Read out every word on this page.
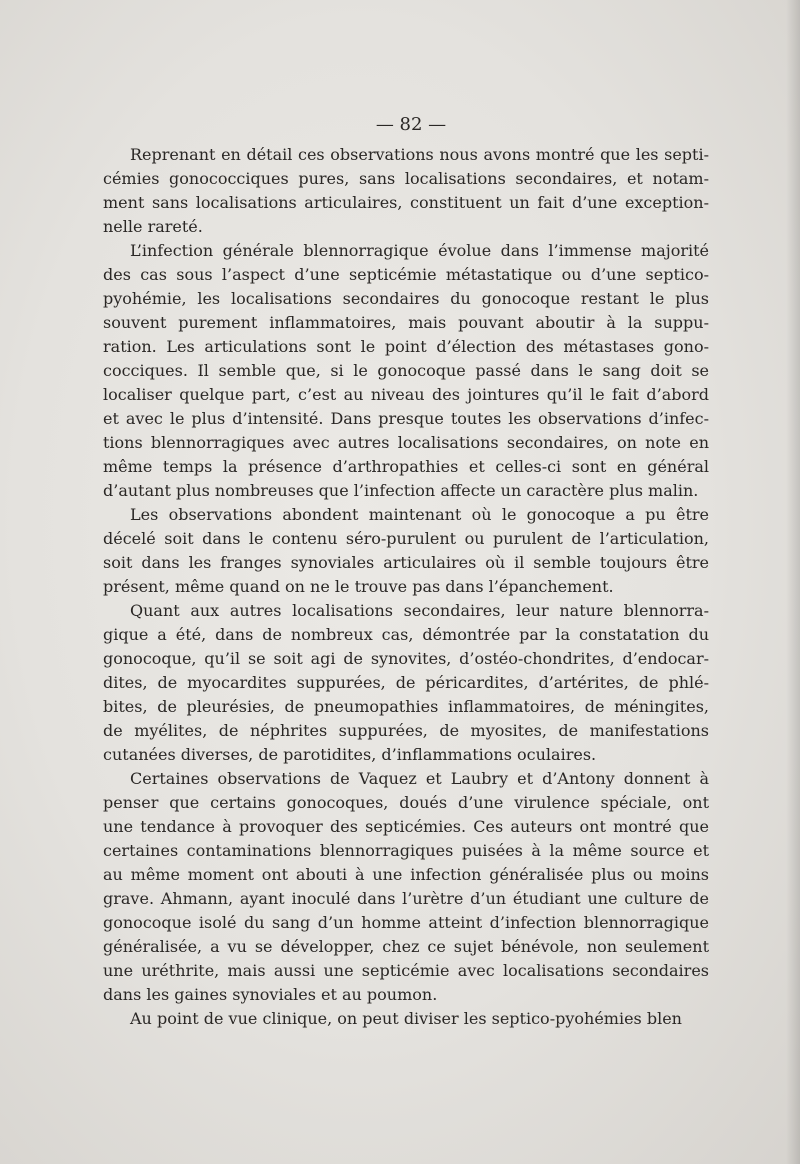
— 82 —
Reprenant en détail ces observations nous avons montré que les septi-
cémies gonococciques pures, sans localisations secondaires, et notam-
ment sans localisations articulaires, constituent un fait d’une exception-
nelle rareté.
L’infection générale blennorragique évolue dans l’immense majorité
des cas sous l’aspect d’une septicémie métastatique ou d’une septico-
pyohémie, les localisations secondaires du gonocoque restant le plus
souvent purement inflammatoires, mais pouvant aboutir à la suppu-
ration. Les articulations sont le point d’élection des métastases gono-
cocciques. Il semble que, si le gonocoque passé dans le sang doit se
localiser quelque part, c’est au niveau des jointures qu’il le fait d’abord
et avec le plus d’intensité. Dans presque toutes les observations d’infec-
tions blennorragiques avec autres localisations secondaires, on note en
même temps la présence d’arthropathies et celles-ci sont en général
d’autant plus nombreuses que l’infection affecte un caractère plus malin.
Les observations abondent maintenant où le gonocoque a pu être
décelé soit dans le contenu séro-purulent ou purulent de l’articulation,
soit dans les franges synoviales articulaires où il semble toujours être
présent, même quand on ne le trouve pas dans l’épanchement.
Quant aux autres localisations secondaires, leur nature blennorra-
gique a été, dans de nombreux cas, démontrée par la constatation du
gonocoque, qu’il se soit agi de synovites, d’ostéo-chondrites, d’endocar-
dites, de myocardites suppurées, de péricardites, d’artérites, de phlé-
bites, de pleurésies, de pneumopathies inflammatoires, de méningites,
de myélites, de néphrites suppurées, de myosites, de manifestations
cutanées diverses, de parotidites, d’inflammations oculaires.
Certaines observations de Vaquez et Laubry et d’Antony donnent à
penser que certains gonocoques, doués d’une virulence spéciale, ont
une tendance à provoquer des septicémies. Ces auteurs ont montré que
certaines contaminations blennorragiques puisées à la même source et
au même moment ont abouti à une infection généralisée plus ou moins
grave. Ahmann, ayant inoculé dans l’urètre d’un étudiant une culture de
gonocoque isolé du sang d’un homme atteint d’infection blennorragique
généralisée, a vu se développer, chez ce sujet bénévole, non seulement
une uréthrite, mais aussi une septicémie avec localisations secondaires
dans les gaines synoviales et au poumon.
Au point de vue clinique, on peut diviser les septico-pyohémies blen
